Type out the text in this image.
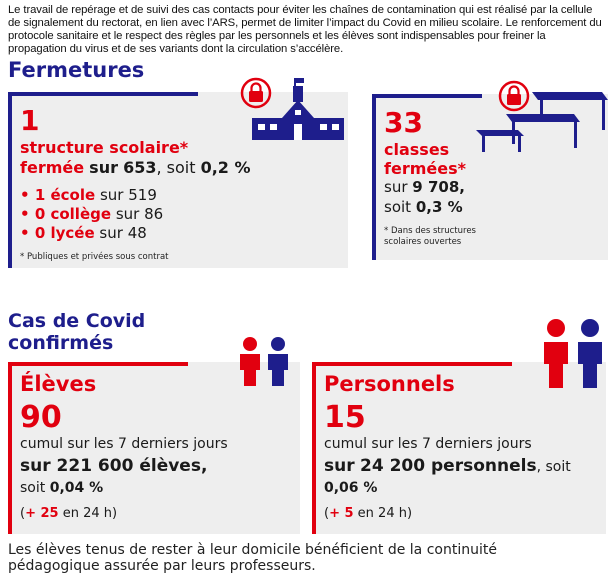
Le travail de repérage et de suivi des cas contacts pour éviter les chaînes de contamination qui est réalisé par la cellule de signalement du rectorat, en lien avec l’ARS, permet de limiter l’impact du Covid en milieu scolaire. Le renforcement du protocole sanitaire et le respect des règles par les personnels et les élèves sont indispensables pour freiner la propagation du virus et de ses variants dont la circulation s’accélère.
Fermetures
1
structure scolaire*
fermée sur 653, soit 0,2 %
• 1 école sur 519
• 0 collège sur 86
• 0 lycée sur 48
* Publiques et privées sous contrat
33
classes
fermées*
sur 9 708,
soit 0,3 %
* Dans des structures
scolaires ouvertes
Cas de Covid
confirmés
Élèves
90
cumul sur les 7 derniers jours
sur 221 600 élèves,
soit 0,04 %
(+ 25 en 24 h)
Personnels
15
cumul sur les 7 derniers jours
sur 24 200 personnels, soit
0,06 %
(+ 5 en 24 h)
Les élèves tenus de rester à leur domicile bénéficient de la continuité pédagogique assurée par leurs professeurs.
